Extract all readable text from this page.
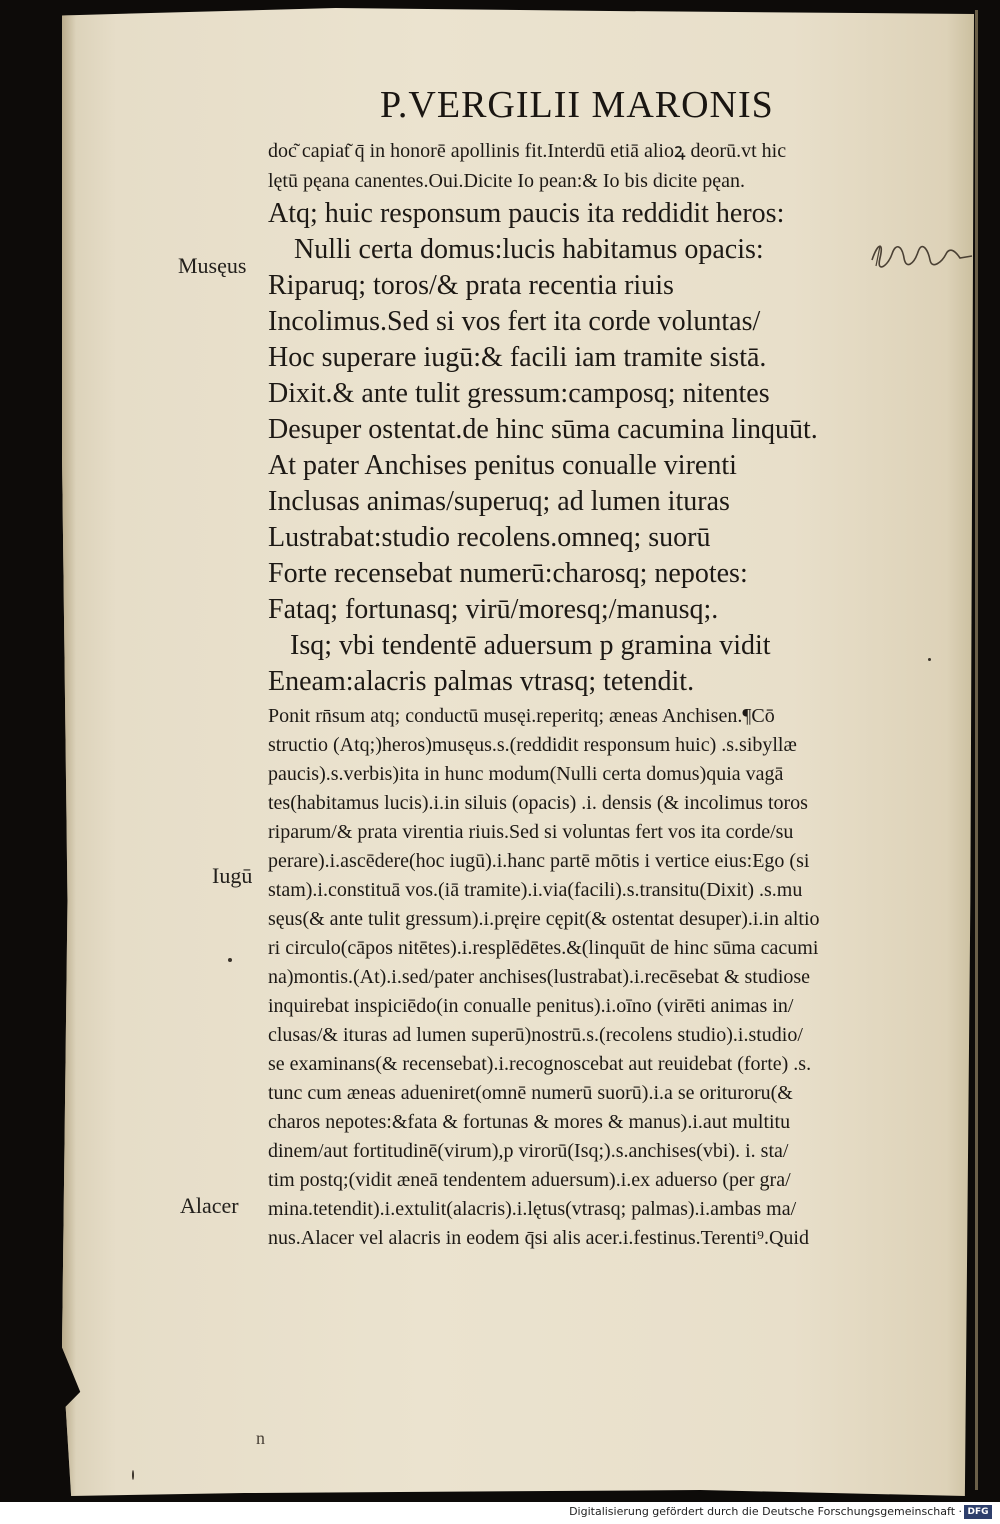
P.VERGILII MARONIS
doc͂ capiat͂ q̄ in honorē apollinis fit.Interdū etiā alioꝝ deorū.vt hic
lętū pęana canentes.Oui.Dicite Io pean:& Io bis dicite pęan.
Atq; huic responsum paucis ita reddidit heros:
Nulli certa domus:lucis habitamus opacis:
Riparuq; toros/& prata recentia riuis
Incolimus.Sed si vos fert ita corde voluntas/
Hoc superare iugū:& facili iam tramite sistā.
Dixit.& ante tulit gressum:camposq; nitentes
Desuper ostentat.de hinc sūma cacumina linquūt.
At pater Anchises penitus conualle virenti
Inclusas animas/superuq; ad lumen ituras
Lustrabat:studio recolens.omneq; suorū
Forte recensebat numerū:charosq; nepotes:
Fataq; fortunasq; virū/moresq;/manusq;.
Isq; vbi tendentē aduersum p gramina vidit
Eneam:alacris palmas vtrasq; tetendit.
Ponit rn̄sum atq; conductū musęi.reperitq; æneas Anchisen.¶Cō
structio (Atq;)heros)musęus.s.(reddidit responsum huic) .s.sibyllæ
paucis).s.verbis)ita in hunc modum(Nulli certa domus)quia vagā
tes(habitamus lucis).i.in siluis (opacis) .i. densis (& incolimus toros
riparum/& prata virentia riuis.Sed si voluntas fert vos ita corde/su
perare).i.ascēdere(hoc iugū).i.hanc partē mōtis i vertice eius:Ego (si
stam).i.constituā vos.(iā tramite).i.via(facili).s.transitu(Dixit) .s.mu
sęus(& ante tulit gressum).i.pręire cępit(& ostentat desuper).i.in altio
ri circulo(cāpos nitētes).i.resplēdētes.&(linquūt de hinc sūma cacumi
na)montis.(At).i.sed/pater anchises(lustrabat).i.recēsebat & studiose
inquirebat inspiciēdo(in conualle penitus).i.oīno (virēti animas in/
clusas/& ituras ad lumen superū)nostrū.s.(recolens studio).i.studio/
se examinans(& recensebat).i.recognoscebat aut reuidebat (forte) .s.
tunc cum æneas adueniret(omnē numerū suorū).i.a se orituroru(&
charos nepotes:&fata & fortunas & mores & manus).i.aut multitu
dinem/aut fortitudinē(virum),p virorū(Isq;).s.anchises(vbi). i. sta/
tim postq;(vidit æneā tendentem aduersum).i.ex aduerso (per gra/
mina.tetendit).i.extulit(alacris).i.lętus(vtrasq; palmas).i.ambas ma/
nus.Alacer vel alacris in eodem q̄si alis acer.i.festinus.Terenti⁹.Quid
Musęus
Iugū
Alacer
n
Digitalisierung gefördert durch die Deutsche Forschungsgemeinschaft · DFG
